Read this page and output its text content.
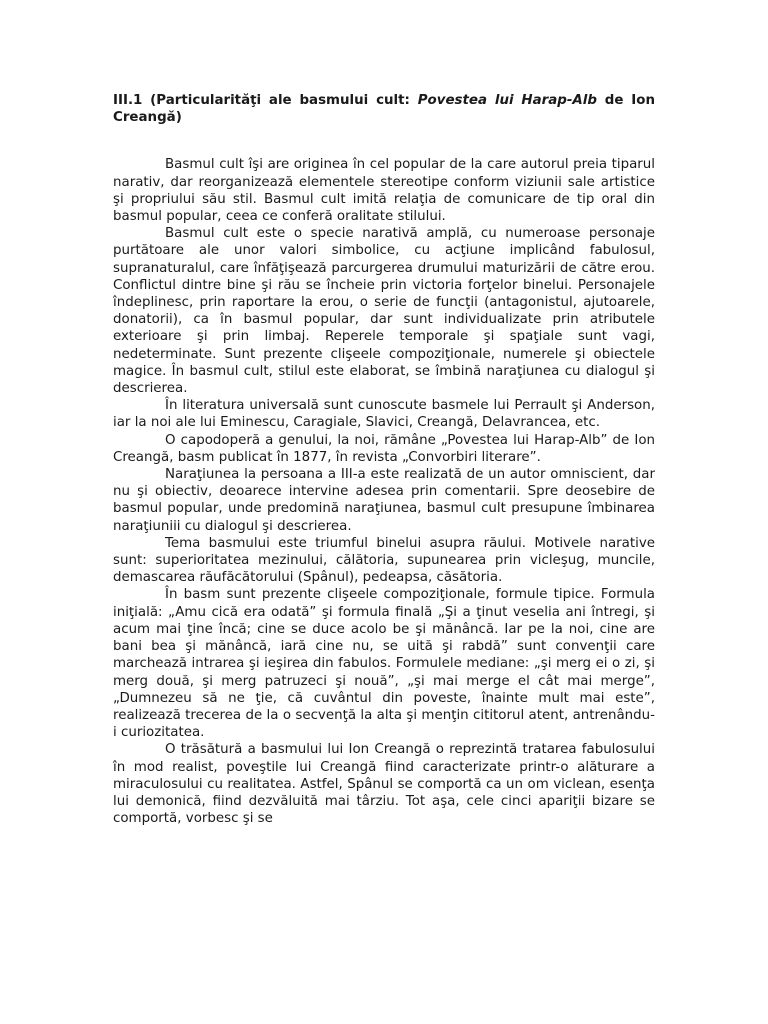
III.1 (Particularităţi ale basmului cult: Povestea lui Harap-Alb de Ion Creangă)

Basmul cult îşi are originea în cel popular de la care autorul preia tiparul narativ, dar reorganizează elementele stereotipe conform viziunii sale artistice şi propriului său stil. Basmul cult imită relaţia de comunicare de tip oral din basmul popular, ceea ce conferă oralitate stilului.

Basmul cult este o specie narativă amplă, cu numeroase personaje purtătoare ale unor valori simbolice, cu acţiune implicând fabulosul, supranaturalul, care înfăţişează parcurgerea drumului maturizării de către erou. Conflictul dintre bine şi rău se încheie prin victoria forţelor binelui. Personajele îndeplinesc, prin raportare la erou, o serie de funcţii (antagonistul, ajutoarele, donatorii), ca în basmul popular, dar sunt individualizate prin atributele exterioare şi prin limbaj. Reperele temporale şi spaţiale sunt vagi, nedeterminate. Sunt prezente clişeele compoziţionale, numerele şi obiectele magice. În basmul cult, stilul este elaborat, se îmbină naraţiunea cu dialogul şi descrierea.

În literatura universală sunt cunoscute basmele lui Perrault şi Anderson, iar la noi ale lui Eminescu, Caragiale, Slavici, Creangă, Delavrancea, etc.

O capodoperă a genului, la noi, rămâne „Povestea lui Harap-Alb” de Ion Creangă, basm publicat în 1877, în revista „Convorbiri literare”.

Naraţiunea la persoana a III-a este realizată de un autor omniscient, dar nu şi obiectiv, deoarece intervine adesea prin comentarii. Spre deosebire de basmul popular, unde predomină naraţiunea, basmul cult presupune îmbinarea naraţiuniii cu dialogul şi descrierea.

Tema basmului este triumful binelui asupra răului. Motivele narative sunt: superioritatea mezinului, călătoria, supunearea prin vicleşug, muncile, demascarea răufăcătorului (Spânul), pedeapsa, căsătoria.

În basm sunt prezente clişeele compoziţionale, formule tipice. Formula iniţială: „Amu cică era odată” şi formula finală „Şi a ţinut veselia ani întregi, şi acum mai ţine încă; cine se duce acolo be şi mănâncă. Iar pe la noi, cine are bani bea şi mănâncă, iară cine nu, se uită şi rabdă” sunt convenţii care marchează intrarea şi ieşirea din fabulos. Formulele mediane: „şi merg ei o zi, şi merg două, şi merg patruzeci şi nouă”, „şi mai merge el cât mai merge”, „Dumnezeu să ne ţie, că cuvântul din poveste, înainte mult mai este”, realizează trecerea de la o secvenţă la alta şi menţin cititorul atent, antrenându-i curiozitatea.

O trăsătură a basmului lui Ion Creangă o reprezintă tratarea fabulosului în mod realist, poveştile lui Creangă fiind caracterizate printr-o alăturare a miraculosului cu realitatea. Astfel, Spânul se comportă ca un om viclean, esenţa lui demonică, fiind dezvăluită mai târziu. Tot aşa, cele cinci apariţii bizare se comportă, vorbesc şi se
